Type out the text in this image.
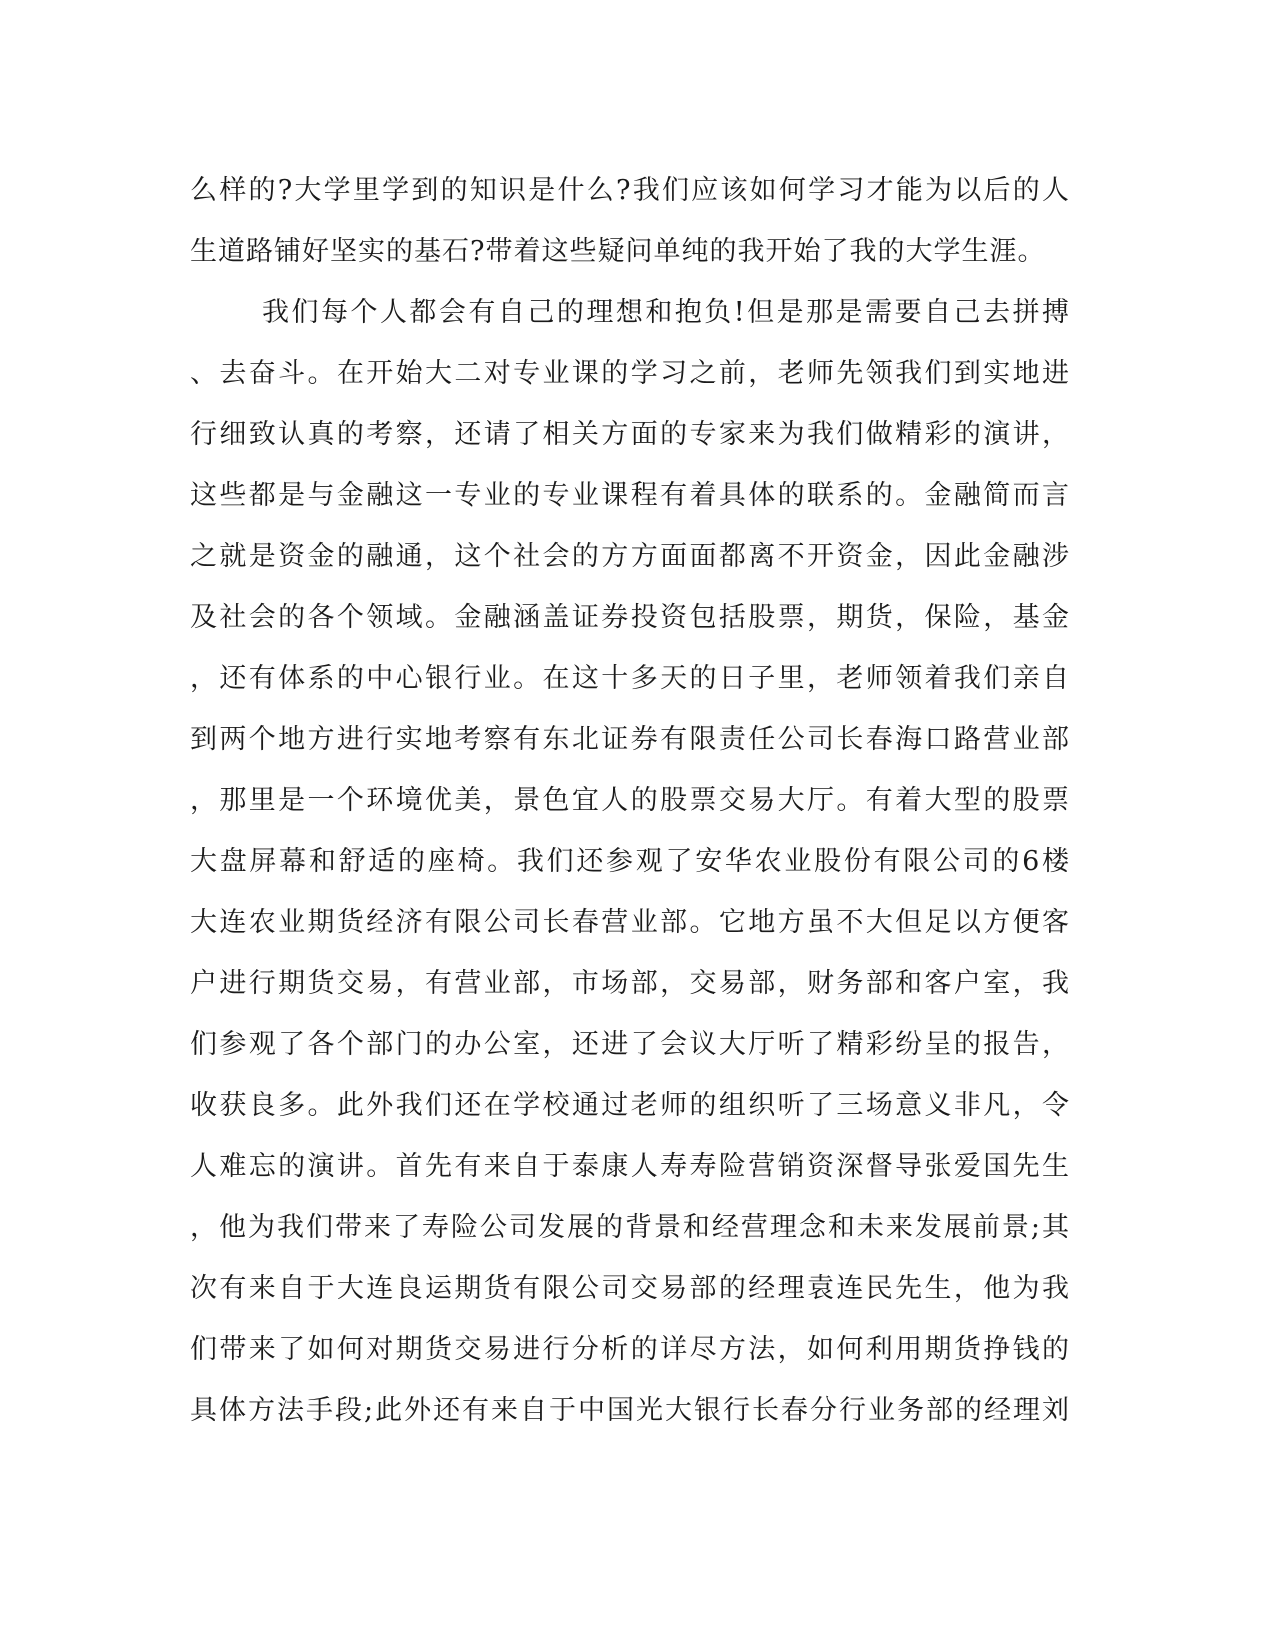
么样的?大学里学到的知识是什么?我们应该如何学习才能为以后的人
生道路铺好坚实的基石?带着这些疑问单纯的我开始了我的大学生涯。
我们每个人都会有自己的理想和抱负!但是那是需要自己去拼搏
、去奋斗。在开始大二对专业课的学习之前，老师先领我们到实地进
行细致认真的考察，还请了相关方面的专家来为我们做精彩的演讲，
这些都是与金融这一专业的专业课程有着具体的联系的。金融简而言
之就是资金的融通，这个社会的方方面面都离不开资金，因此金融涉
及社会的各个领域。金融涵盖证券投资包括股票，期货，保险，基金
，还有体系的中心银行业。在这十多天的日子里，老师领着我们亲自
到两个地方进行实地考察有东北证券有限责任公司长春海口路营业部
，那里是一个环境优美，景色宜人的股票交易大厅。有着大型的股票
大盘屏幕和舒适的座椅。我们还参观了安华农业股份有限公司的6楼
大连农业期货经济有限公司长春营业部。它地方虽不大但足以方便客
户进行期货交易，有营业部，市场部，交易部，财务部和客户室，我
们参观了各个部门的办公室，还进了会议大厅听了精彩纷呈的报告，
收获良多。此外我们还在学校通过老师的组织听了三场意义非凡，令
人难忘的演讲。首先有来自于泰康人寿寿险营销资深督导张爱国先生
，他为我们带来了寿险公司发展的背景和经营理念和未来发展前景;其
次有来自于大连良运期货有限公司交易部的经理袁连民先生，他为我
们带来了如何对期货交易进行分析的详尽方法，如何利用期货挣钱的
具体方法手段;此外还有来自于中国光大银行长春分行业务部的经理刘
